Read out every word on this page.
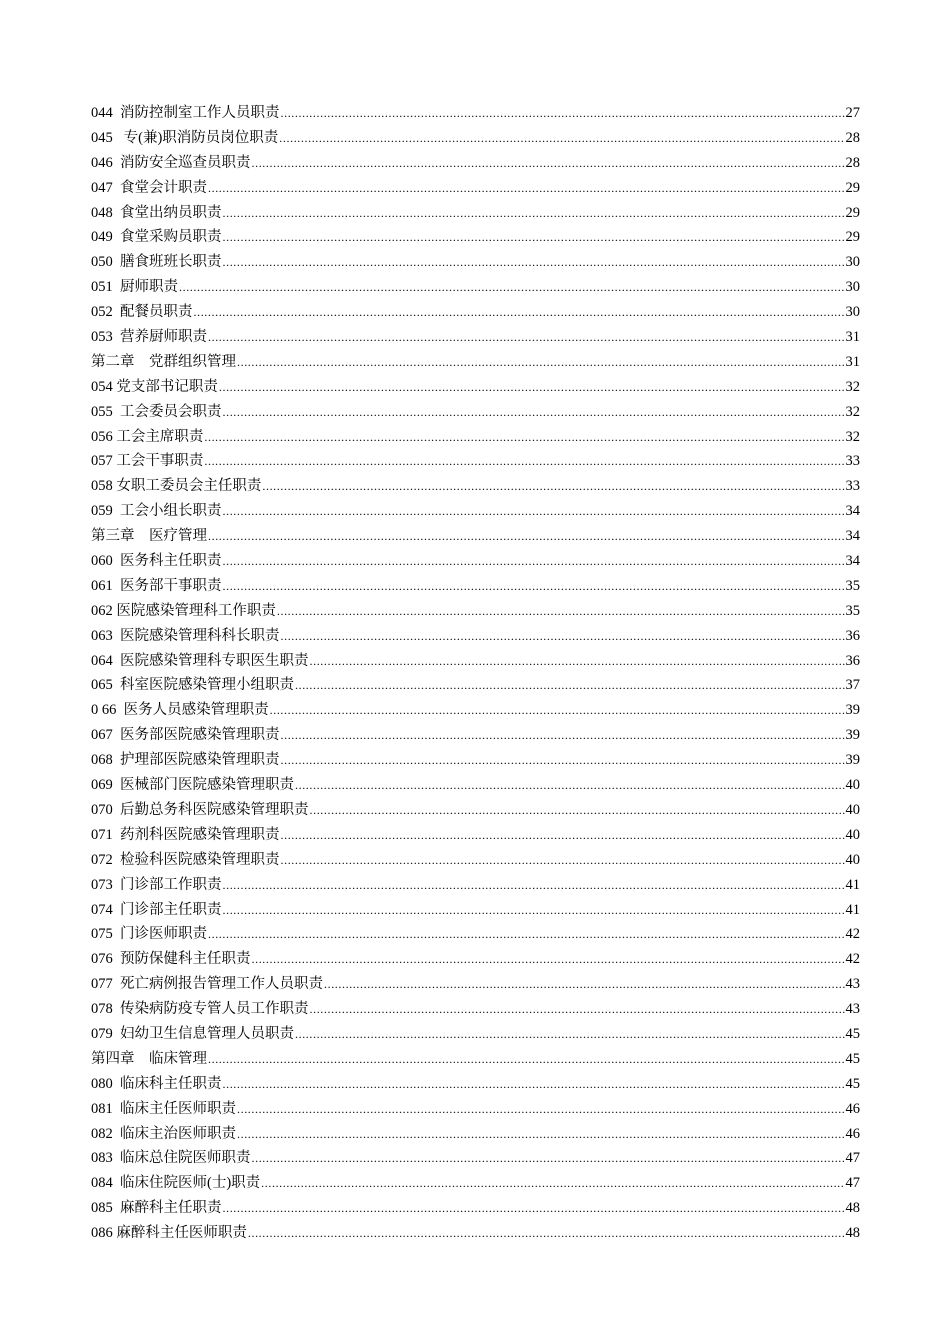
044  消防控制室工作人员职责 .....	27
045   专(兼)职消防员岗位职责 .....	28
046  消防安全巡查员职责 .....	28
047  食堂会计职责 .....	29
048  食堂出纳员职责 .....	29
049  食堂采购员职责 .....	29
050  膳食班班长职责 .....	30
051  厨师职责 .....	30
052  配餐员职责 .....	30
053  营养厨师职责 .....	31
第二章    党群组织管理 .....	31
054 党支部书记职责 .....	32
055  工会委员会职责 .....	32
056 工会主席职责 .....	32
057 工会干事职责 .....	33
058 女职工委员会主任职责 .....	33
059  工会小组长职责 .....	34
第三章    医疗管理 .....	34
060  医务科主任职责 .....	34
061  医务部干事职责 .....	35
062 医院感染管理科工作职责 .....	35
063  医院感染管理科科长职责 .....	36
064  医院感染管理科专职医生职责 .....	36
065  科室医院感染管理小组职责 .....	37
0 66  医务人员感染管理职责 .....	39
067  医务部医院感染管理职责 .....	39
068  护理部医院感染管理职责 .....	39
069  医械部门医院感染管理职责 .....	40
070  后勤总务科医院感染管理职责 .....	40
071  药剂科医院感染管理职责 .....	40
072  检验科医院感染管理职责 .....	40
073  门诊部工作职责 .....	41
074  门诊部主任职责 .....	41
075  门诊医师职责 .....	42
076  预防保健科主任职责 .....	42
077  死亡病例报告管理工作人员职责 .....	43
078  传染病防疫专管人员工作职责 .....	43
079  妇幼卫生信息管理人员职责 .....	45
第四章    临床管理 .....	45
080  临床科主任职责 .....	45
081  临床主任医师职责 .....	46
082  临床主治医师职责 .....	46
083  临床总住院医师职责 .....	47
084  临床住院医师(士)职责 .....	47
085  麻醉科主任职责 .....	48
086 麻醉科主任医师职责 .....	48
